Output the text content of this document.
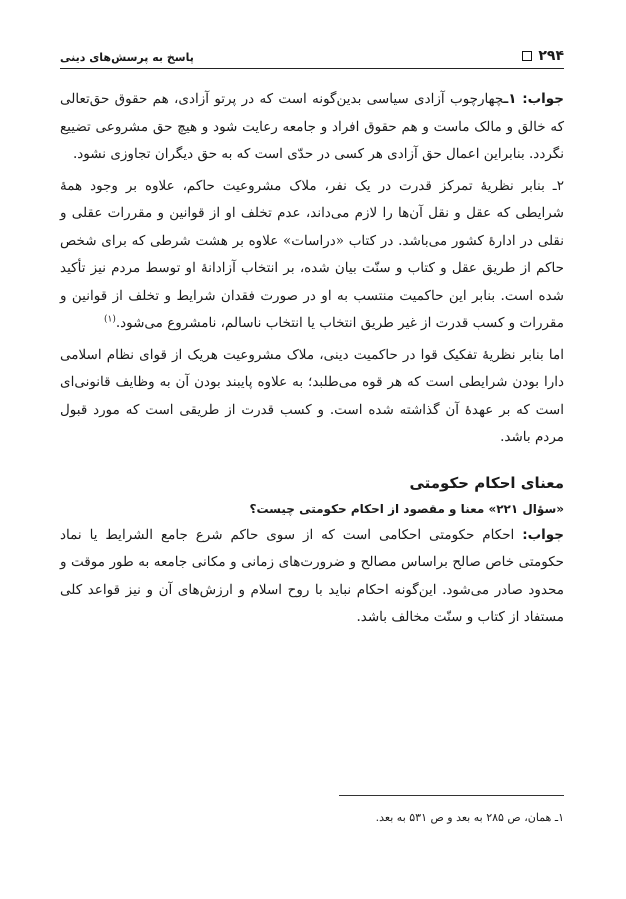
۲۹۴
پاسخ به پرسش‌های دینی

جواب: ۱ـچهارچوب آزادی سیاسی بدین‌گونه است که در پرتو آزادی، هم حقوق حق‌تعالی که خالق و مالک ماست و هم حقوق افراد و جامعه رعایت شود و هیچ حق مشروعی تضییع نگردد. بنابراین اعمال حق آزادی هر کسی در حدّی است که به حق دیگران تجاوزی نشود.

۲ـ بنابر نظریهٔ تمرکز قدرت در یک نفر، ملاک مشروعیت حاکم، علاوه بر وجود همهٔ شرایطی که عقل و نقل آن‌ها را لازم می‌داند، عدم تخلف او از قوانین و مقررات عقلی و نقلی در ادارهٔ کشور می‌باشد. در کتاب «دراسات» علاوه بر هشت شرطی که برای شخص حاکم از طریق عقل و کتاب و سنّت بیان شده، بر انتخاب آزادانهٔ او توسط مردم نیز تأکید شده است. بنابر این حاکمیت منتسب به او در صورت فقدان شرایط و تخلف از قوانین و مقررات و کسب قدرت از غیر طریق انتخاب یا انتخاب ناسالم، نامشروع می‌شود.$^{(۱)}$

اما بنابر نظریهٔ تفکیک قوا در حاکمیت دینی، ملاک مشروعیت هریک از قوای نظام اسلامی دارا بودن شرایطی است که هر قوه می‌طلبد؛ به علاوه پایبند بودن آن به وظایف قانونی‌ای است که بر عهدهٔ آن گذاشته شده است. و کسب قدرت از طریقی است که مورد قبول مردم باشد.

معنای احکام حکومتی
«سؤال ۲۲۱» معنا و مقصود از احکام حکومتی چیست؟

جواب: احکام حکومتی احکامی است که از سوی حاکم شرع جامع الشرایط یا نماد حکومتی خاص صالح براساس مصالح و ضرورت‌های زمانی و مکانی جامعه به طور موقت و محدود صادر می‌شود. این‌گونه احکام نباید با روح اسلام و ارزش‌های آن و نیز قواعد کلی مستفاد از کتاب و سنّت مخالف باشد.

۱ـ همان، ص ۲۸۵ به بعد و ص ۵۳۱ به بعد.
